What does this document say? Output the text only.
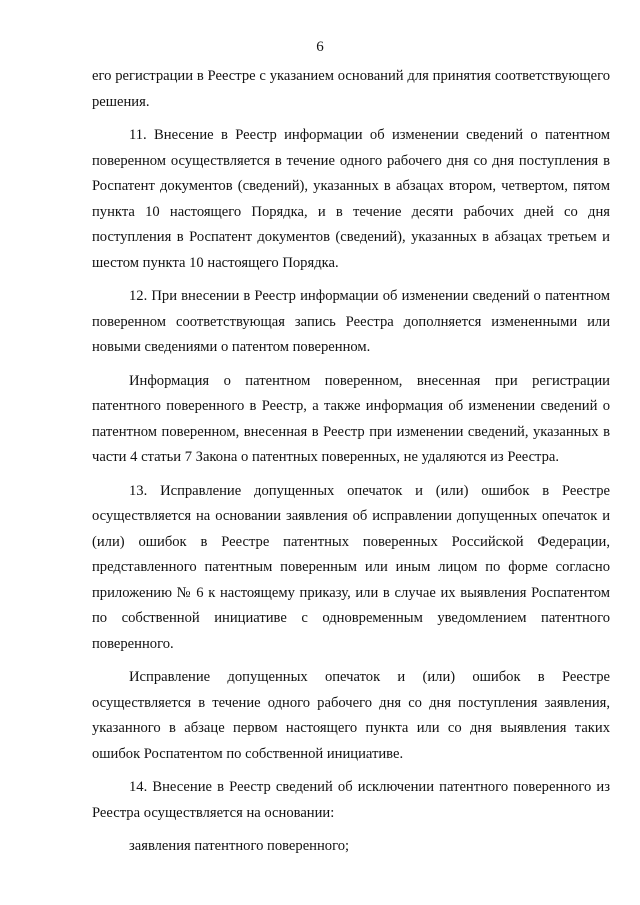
6

его регистрации в Реестре с указанием оснований для принятия соответствующего решения.

11. Внесение в Реестр информации об изменении сведений о патентном поверенном осуществляется в течение одного рабочего дня со дня поступления в Роспатент документов (сведений), указанных в абзацах втором, четвертом, пятом пункта 10 настоящего Порядка, и в течение десяти рабочих дней со дня поступления в Роспатент документов (сведений), указанных в абзацах третьем и шестом пункта 10 настоящего Порядка.

12. При внесении в Реестр информации об изменении сведений о патентном поверенном соответствующая запись Реестра дополняется измененными или новыми сведениями о патентом поверенном.

Информация о патентном поверенном, внесенная при регистрации патентного поверенного в Реестр, а также информация об изменении сведений о патентном поверенном, внесенная в Реестр при изменении сведений, указанных в части 4 статьи 7 Закона о патентных поверенных, не удаляются из Реестра.

13. Исправление допущенных опечаток и (или) ошибок в Реестре осуществляется на основании заявления об исправлении допущенных опечаток и (или) ошибок в Реестре патентных поверенных Российской Федерации, представленного патентным поверенным или иным лицом по форме согласно приложению № 6 к настоящему приказу, или в случае их выявления Роспатентом по собственной инициативе с одновременным уведомлением патентного поверенного.

Исправление допущенных опечаток и (или) ошибок в Реестре осуществляется в течение одного рабочего дня со дня поступления заявления, указанного в абзаце первом настоящего пункта или со дня выявления таких ошибок Роспатентом по собственной инициативе.

14. Внесение в Реестр сведений об исключении патентного поверенного из Реестра осуществляется на основании:

заявления патентного поверенного;
